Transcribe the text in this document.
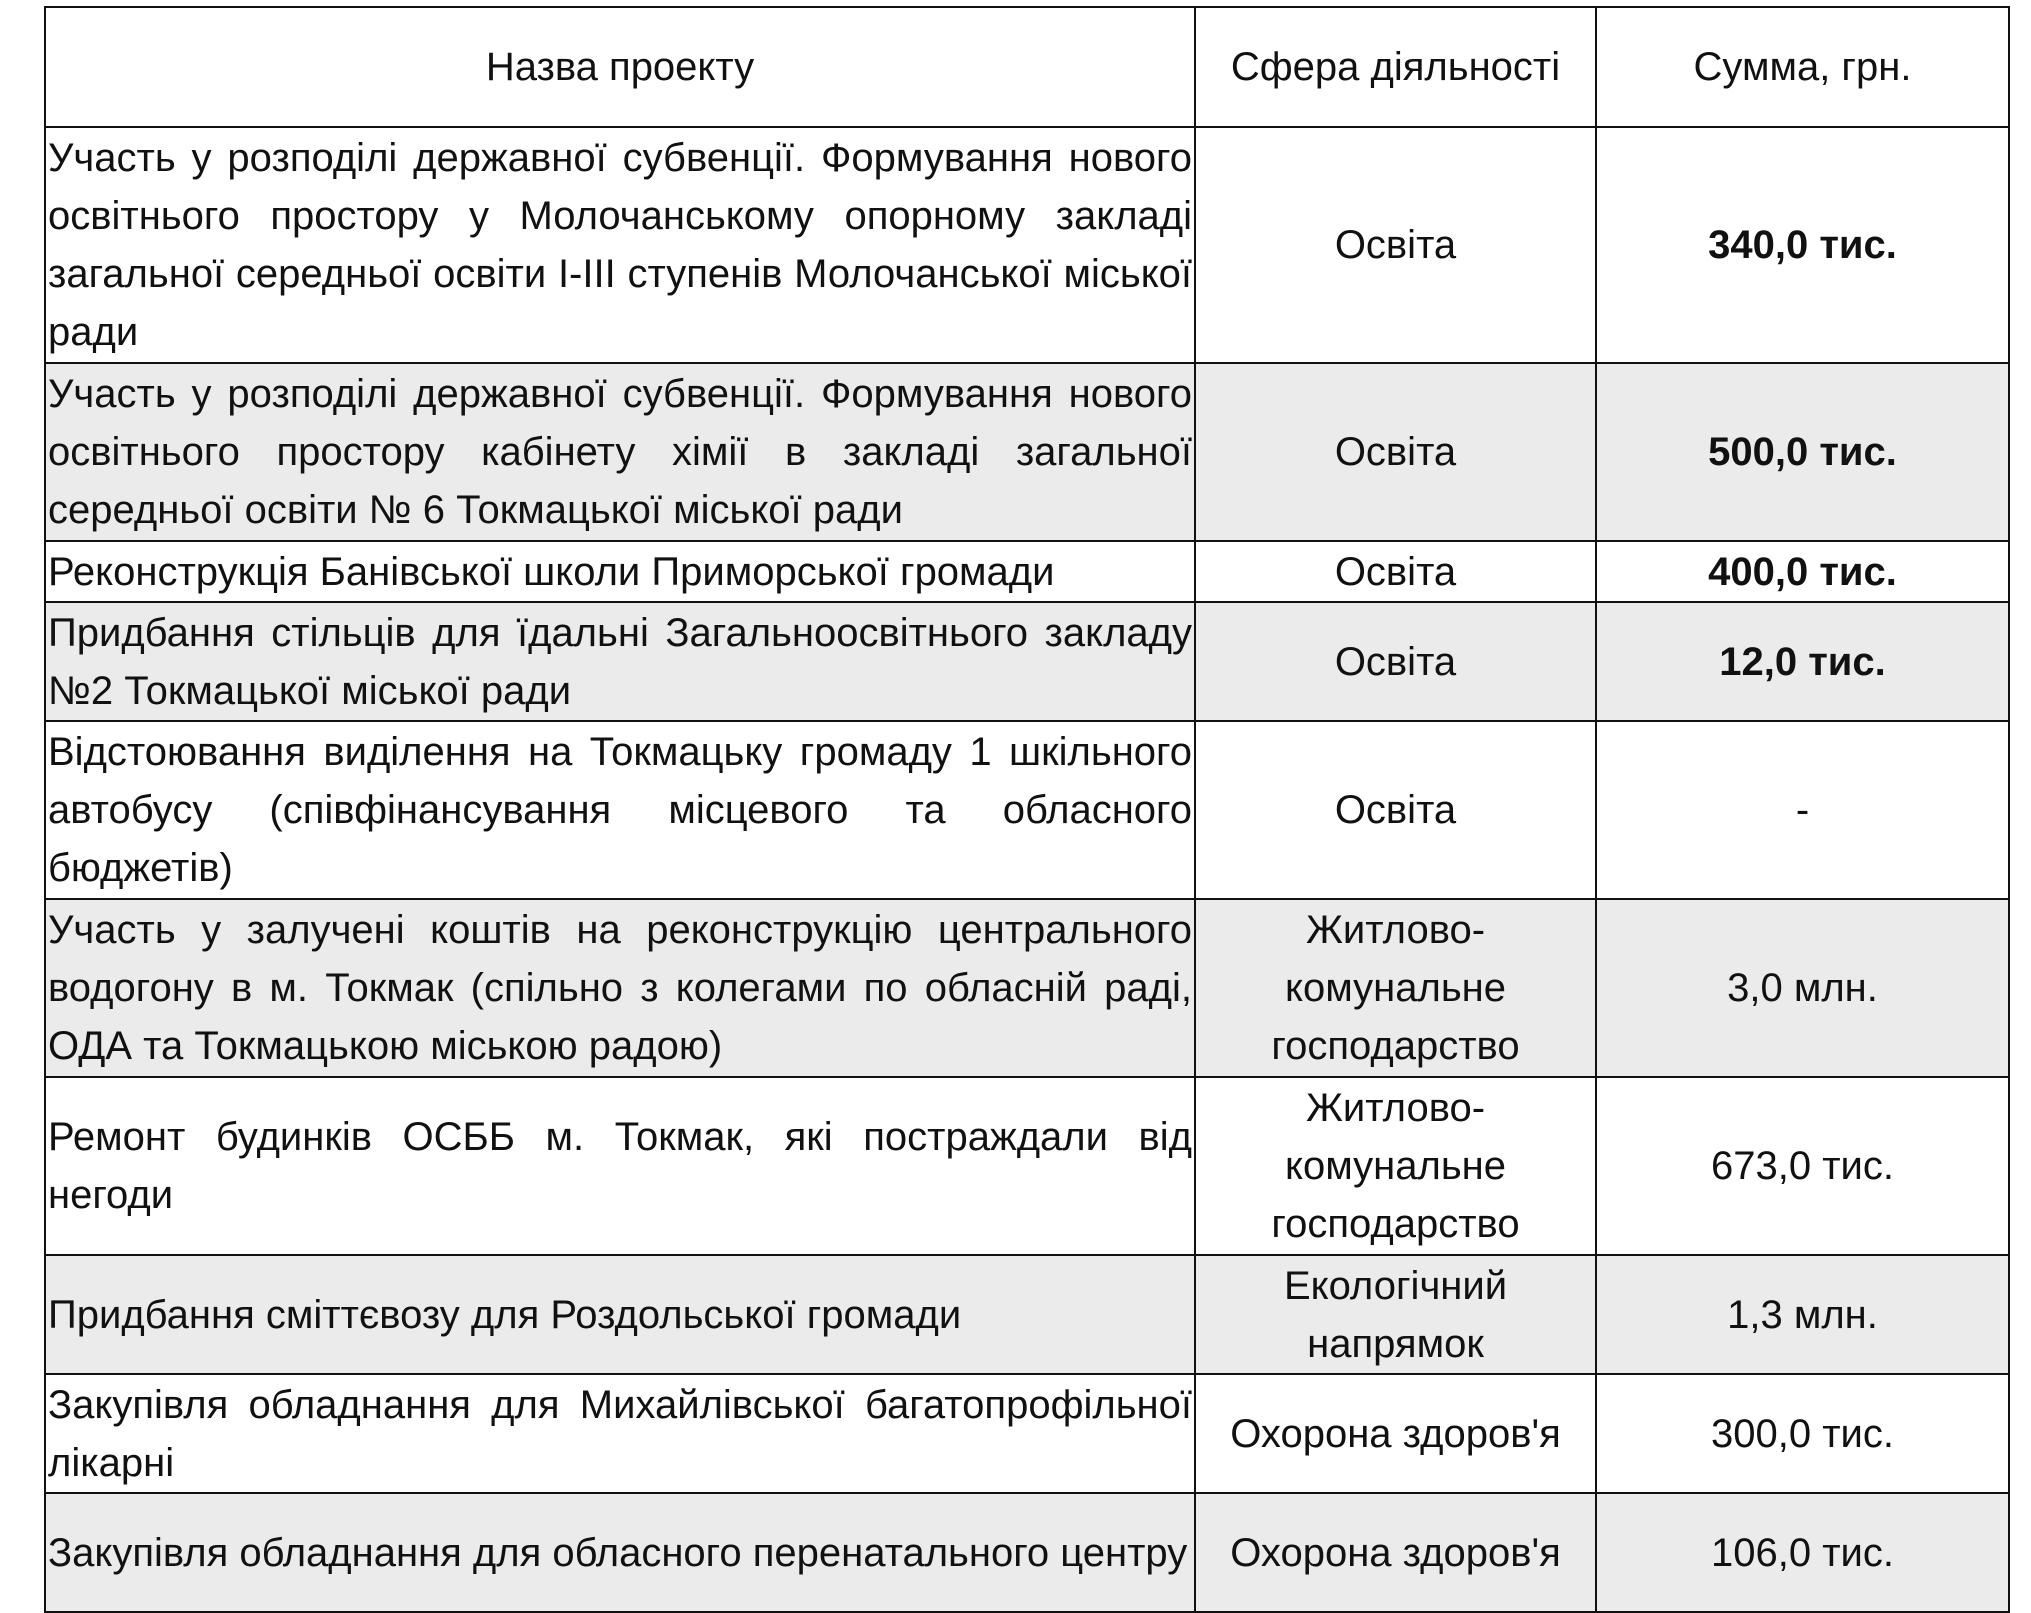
Назва проекту	Сфера діяльності	Сумма, грн.
Участь у розподілі державної субвенції. Формування нового освітнього простору у Молочанському опорному закладі загальної середньої освіти І-ІІІ ступенів Молочанської міської ради	Освіта	340,0 тис.
Участь у розподілі державної субвенції. Формування нового освітнього простору кабінету хімії в закладі загальної середньої освіти № 6 Токмацької міської ради	Освіта	500,0 тис.
Реконструкція Банівської школи Приморської громади	Освіта	400,0 тис.
Придбання стільців для їдальні Загальноосвітнього закладу №2 Токмацької міської ради	Освіта	12,0 тис.
Відстоювання виділення на Токмацьку громаду 1 шкільного автобусу (співфінансування місцевого та обласного бюджетів)	Освіта	-
Участь у залучені коштів на реконструкцію центрального водогону в м. Токмак (спільно з колегами по обласній раді, ОДА та Токмацькою міською радою)	Житлово-комунальне господарство	3,0 млн.
Ремонт будинків ОСББ м. Токмак, які постраждали від негоди	Житлово-комунальне господарство	673,0 тис.
Придбання сміттєвозу для Роздольської громади	Екологічний напрямок	1,3 млн.
Закупівля обладнання для Михайлівської багатопрофільної лікарні	Охорона здоров'я	300,0 тис.
Закупівля обладнання для обласного перенатального центру	Охорона здоров'я	106,0 тис.
